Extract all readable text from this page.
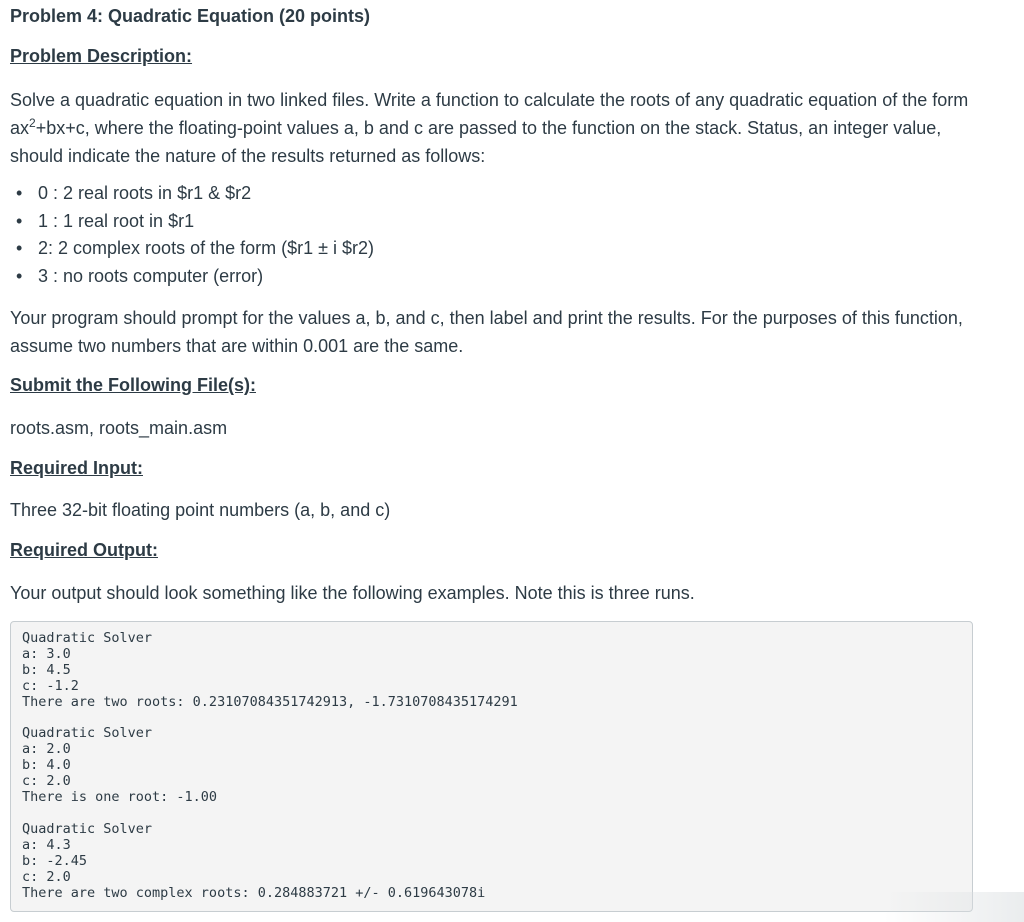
Problem 4: Quadratic Equation (20 points)
Problem Description:

Solve a quadratic equation in two linked files. Write a function to calculate the roots of any quadratic equation of the form $ax^2+bx+c$, where the floating-point values a, b and c are passed to the function on the stack. Status, an integer value, should indicate the nature of the results returned as follows:

• 0 : 2 real roots in $r1 & $r2
• 1 : 1 real root in $r1
• 2: 2 complex roots of the form ($r1 ± i $r2)
• 3 : no roots computer (error)

Your program should prompt for the values a, b, and c, then label and print the results. For the purposes of this function, assume two numbers that are within 0.001 are the same.

Submit the Following File(s):

roots.asm, roots_main.asm

Required Input:

Three 32-bit floating point numbers (a, b, and c)

Required Output:

Your output should look something like the following examples. Note this is three runs.

Quadratic Solver
a: 3.0
b: 4.5
c: -1.2
There are two roots: 0.23107084351742913, -1.7310708435174291

Quadratic Solver
a: 2.0
b: 4.0
c: 2.0
There is one root: -1.00

Quadratic Solver
a: 4.3
b: -2.45
c: 2.0
There are two complex roots: 0.284883721 +/- 0.619643078i
